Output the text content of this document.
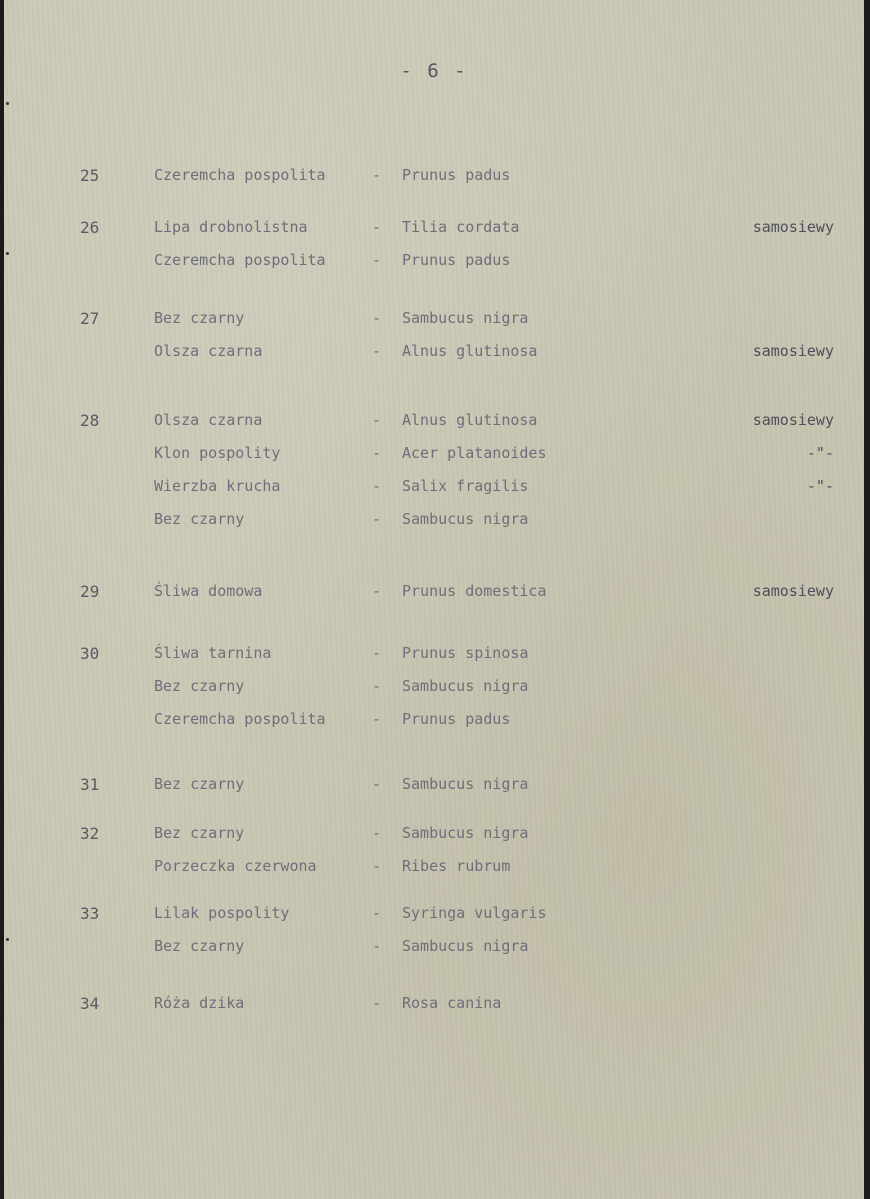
- 6 -
25	Czeremcha pospolita	- Prunus padus
26	Lipa drobnolistna	- Tilia cordata	samosiewy
Czeremcha pospolita	- Prunus padus
27	Bez czarny	- Sambucus nigra
Olsza czarna	- Alnus glutinosa	samosiewy
28	Olsza czarna	- Alnus glutinosa	samosiewy
Klon pospolity	- Acer platanoides	-"-
Wierzba krucha	- Salix fragilis	-"-
Bez czarny	- Sambucus nigra
29	Śliwa domowa	- Prunus domestica	samosiewy
30	Śliwa tarnina	- Prunus spinosa
Bez czarny	- Sambucus nigra
Czeremcha pospolita	- Prunus padus
31	Bez czarny	- Sambucus nigra
32	Bez czarny	- Sambucus nigra
Porzeczka czerwona	- Ribes rubrum
33	Lilak pospolity	- Syringa vulgaris
Bez czarny	- Sambucus nigra
34	Róża dzika	- Rosa canina
